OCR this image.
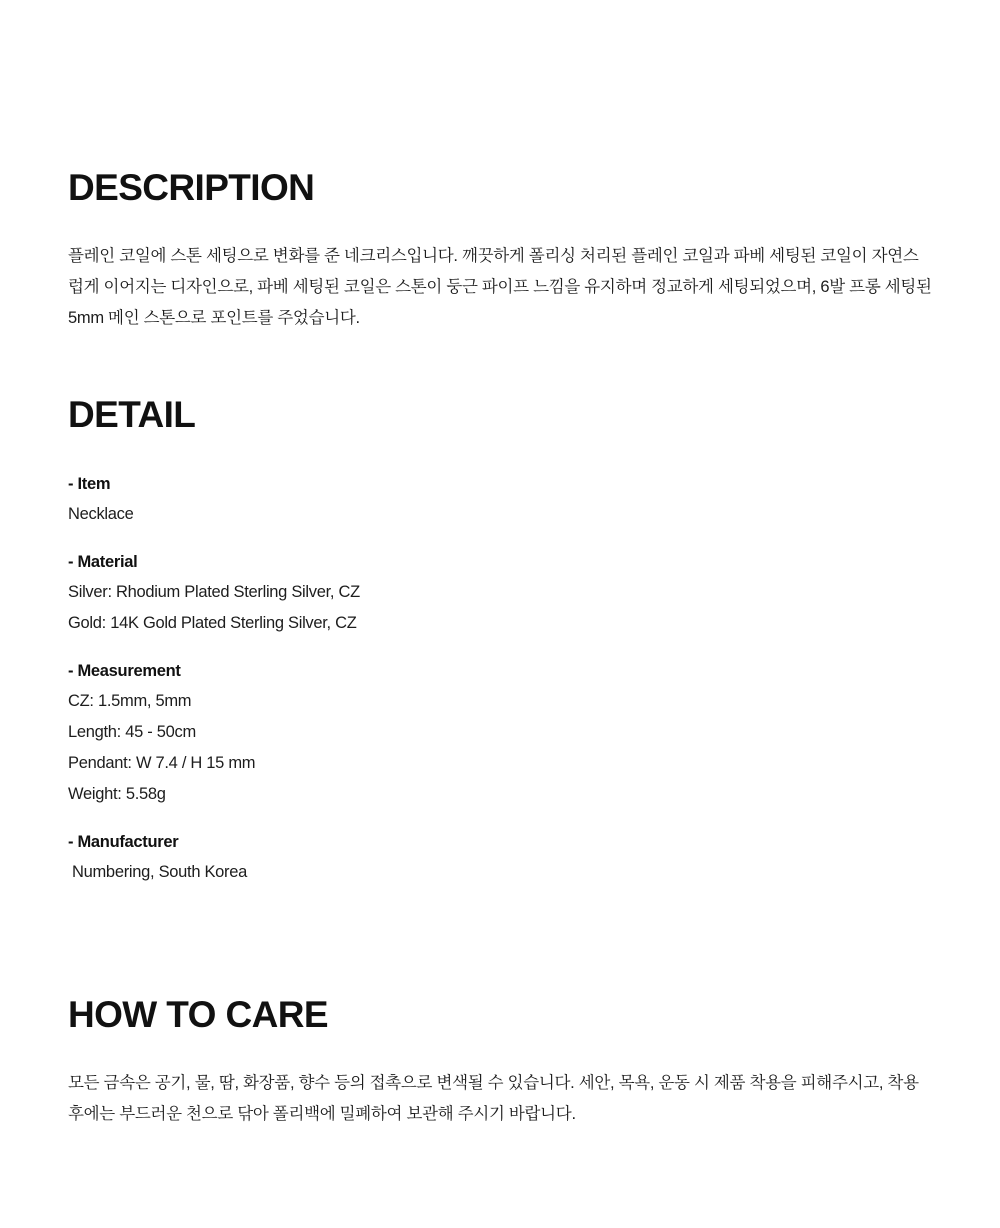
DESCRIPTION

플레인 코일에 스톤 세팅으로 변화를 준 네크리스입니다. 깨끗하게 폴리싱 처리된 플레인 코일과 파베 세팅된 코일이 자연스럽게 이어지는 디자인으로, 파베 세팅된 코일은 스톤이 둥근 파이프 느낌을 유지하며 정교하게 세팅되었으며, 6발 프롱 세팅된 5mm 메인 스톤으로 포인트를 주었습니다.

DETAIL

- Item

Necklace

- Material

Silver: Rhodium Plated Sterling Silver, CZ

Gold: 14K Gold Plated Sterling Silver, CZ

- Measurement

CZ: 1.5mm, 5mm

Length: 45 - 50cm

Pendant: W 7.4 / H 15 mm

Weight: 5.58g

- Manufacturer

Numbering, South Korea

HOW TO CARE

모든 금속은 공기, 물, 땀, 화장품, 향수 등의 접촉으로 변색될 수 있습니다. 세안, 목욕, 운동 시 제품 착용을 피해주시고, 착용 후에는 부드러운 천으로 닦아 폴리백에 밀폐하여 보관해 주시기 바랍니다.
